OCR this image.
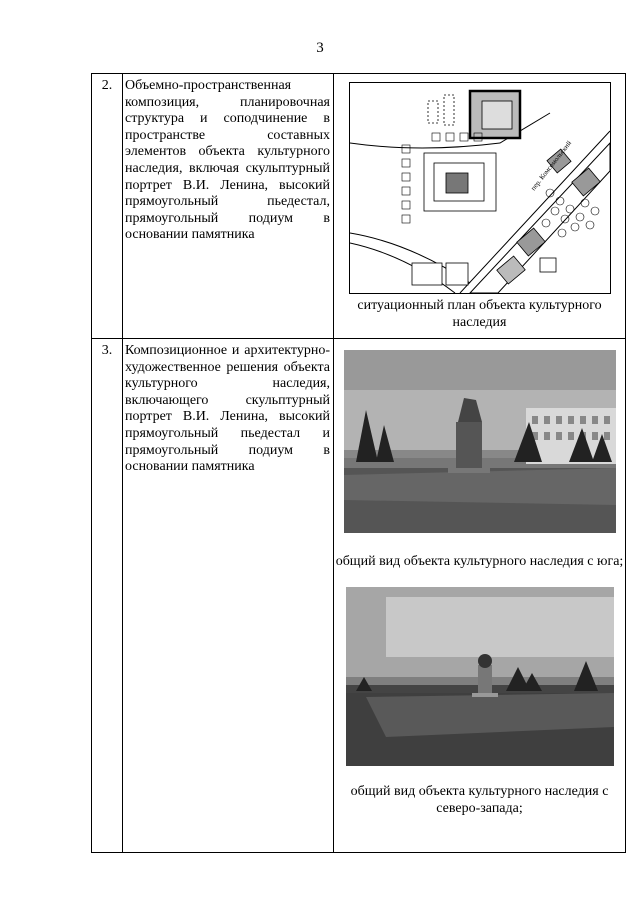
3
2.	Объемно-пространственная композиция, планировочная структура и соподчинение в пространстве составных элементов объекта культурного наследия, включая скульптурный портрет В.И. Ленина, высокий прямоугольный пьедестал, прямоугольный подиум в основании памятника	пер. Комсомольский
ситуационный план объекта культурного наследия

3.	Композиционное и архитектурно-художественное решения объекта культурного наследия, включающего скульптурный портрет В.И. Ленина, высокий прямоугольный пьедестал и прямоугольный подиум в основании памятника	общий вид объекта культурного наследия с юга;
общий вид объекта культурного наследия с северо-запада;
